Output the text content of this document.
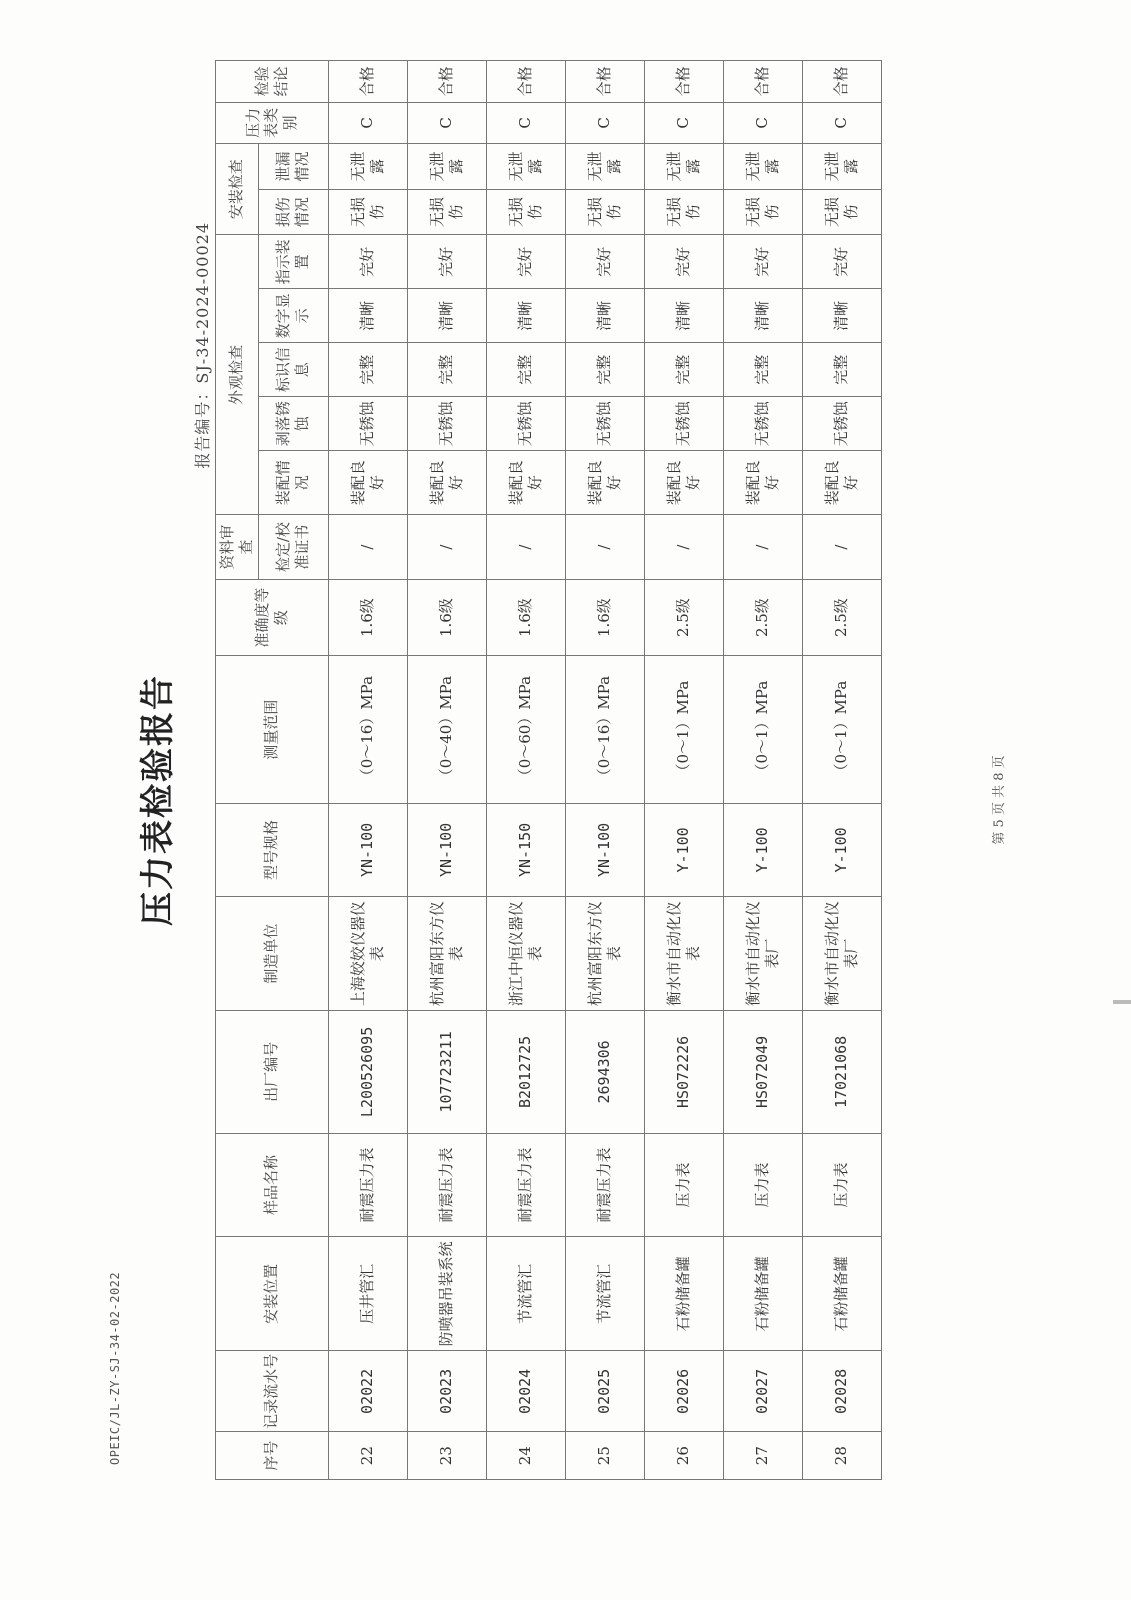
OPEIC/JL-ZY-SJ-34-02-2022
压力表检验报告
报告编号：SJ-34-2024-00024
序号	记录流水号	安装位置	样品名称	出厂编号	制造单位	型号规格	测量范围	准确度等级	资料审查	外观检查					安装检查		压力表类别	检验结论
									检定/校准证书	装配情况	剥落锈蚀	标识信息	数字显示	指示装置	损伤情况	泄漏情况		
22	02022	压井管汇	耐震压力表	L200526095	上海姣姣仪器仪表	YN-100	（0～16）MPa	1.6级	/	装配良好	无锈蚀	完整	清晰	完好	无损伤	无泄露	C	合格
23	02023	防喷器吊装系统	耐震压力表	107723211	杭州富阳东方仪表	YN-100	（0～40）MPa	1.6级	/	装配良好	无锈蚀	完整	清晰	完好	无损伤	无泄露	C	合格
24	02024	节流管汇	耐震压力表	B2012725	浙江中恒仪器仪表	YN-150	（0～60）MPa	1.6级	/	装配良好	无锈蚀	完整	清晰	完好	无损伤	无泄露	C	合格
25	02025	节流管汇	耐震压力表	2694306	杭州富阳东方仪表	YN-100	（0～16）MPa	1.6级	/	装配良好	无锈蚀	完整	清晰	完好	无损伤	无泄露	C	合格
26	02026	石粉储备罐	压力表	HS072226	衡水市自动化仪表	Y-100	（0～1）MPa	2.5级	/	装配良好	无锈蚀	完整	清晰	完好	无损伤	无泄露	C	合格
27	02027	石粉储备罐	压力表	HS072049	衡水市自动化仪表厂	Y-100	（0～1）MPa	2.5级	/	装配良好	无锈蚀	完整	清晰	完好	无损伤	无泄露	C	合格
28	02028	石粉储备罐	压力表	17021068	衡水市自动化仪表厂	Y-100	（0～1）MPa	2.5级	/	装配良好	无锈蚀	完整	清晰	完好	无损伤	无泄露	C	合格
第 5 页 共 8 页
